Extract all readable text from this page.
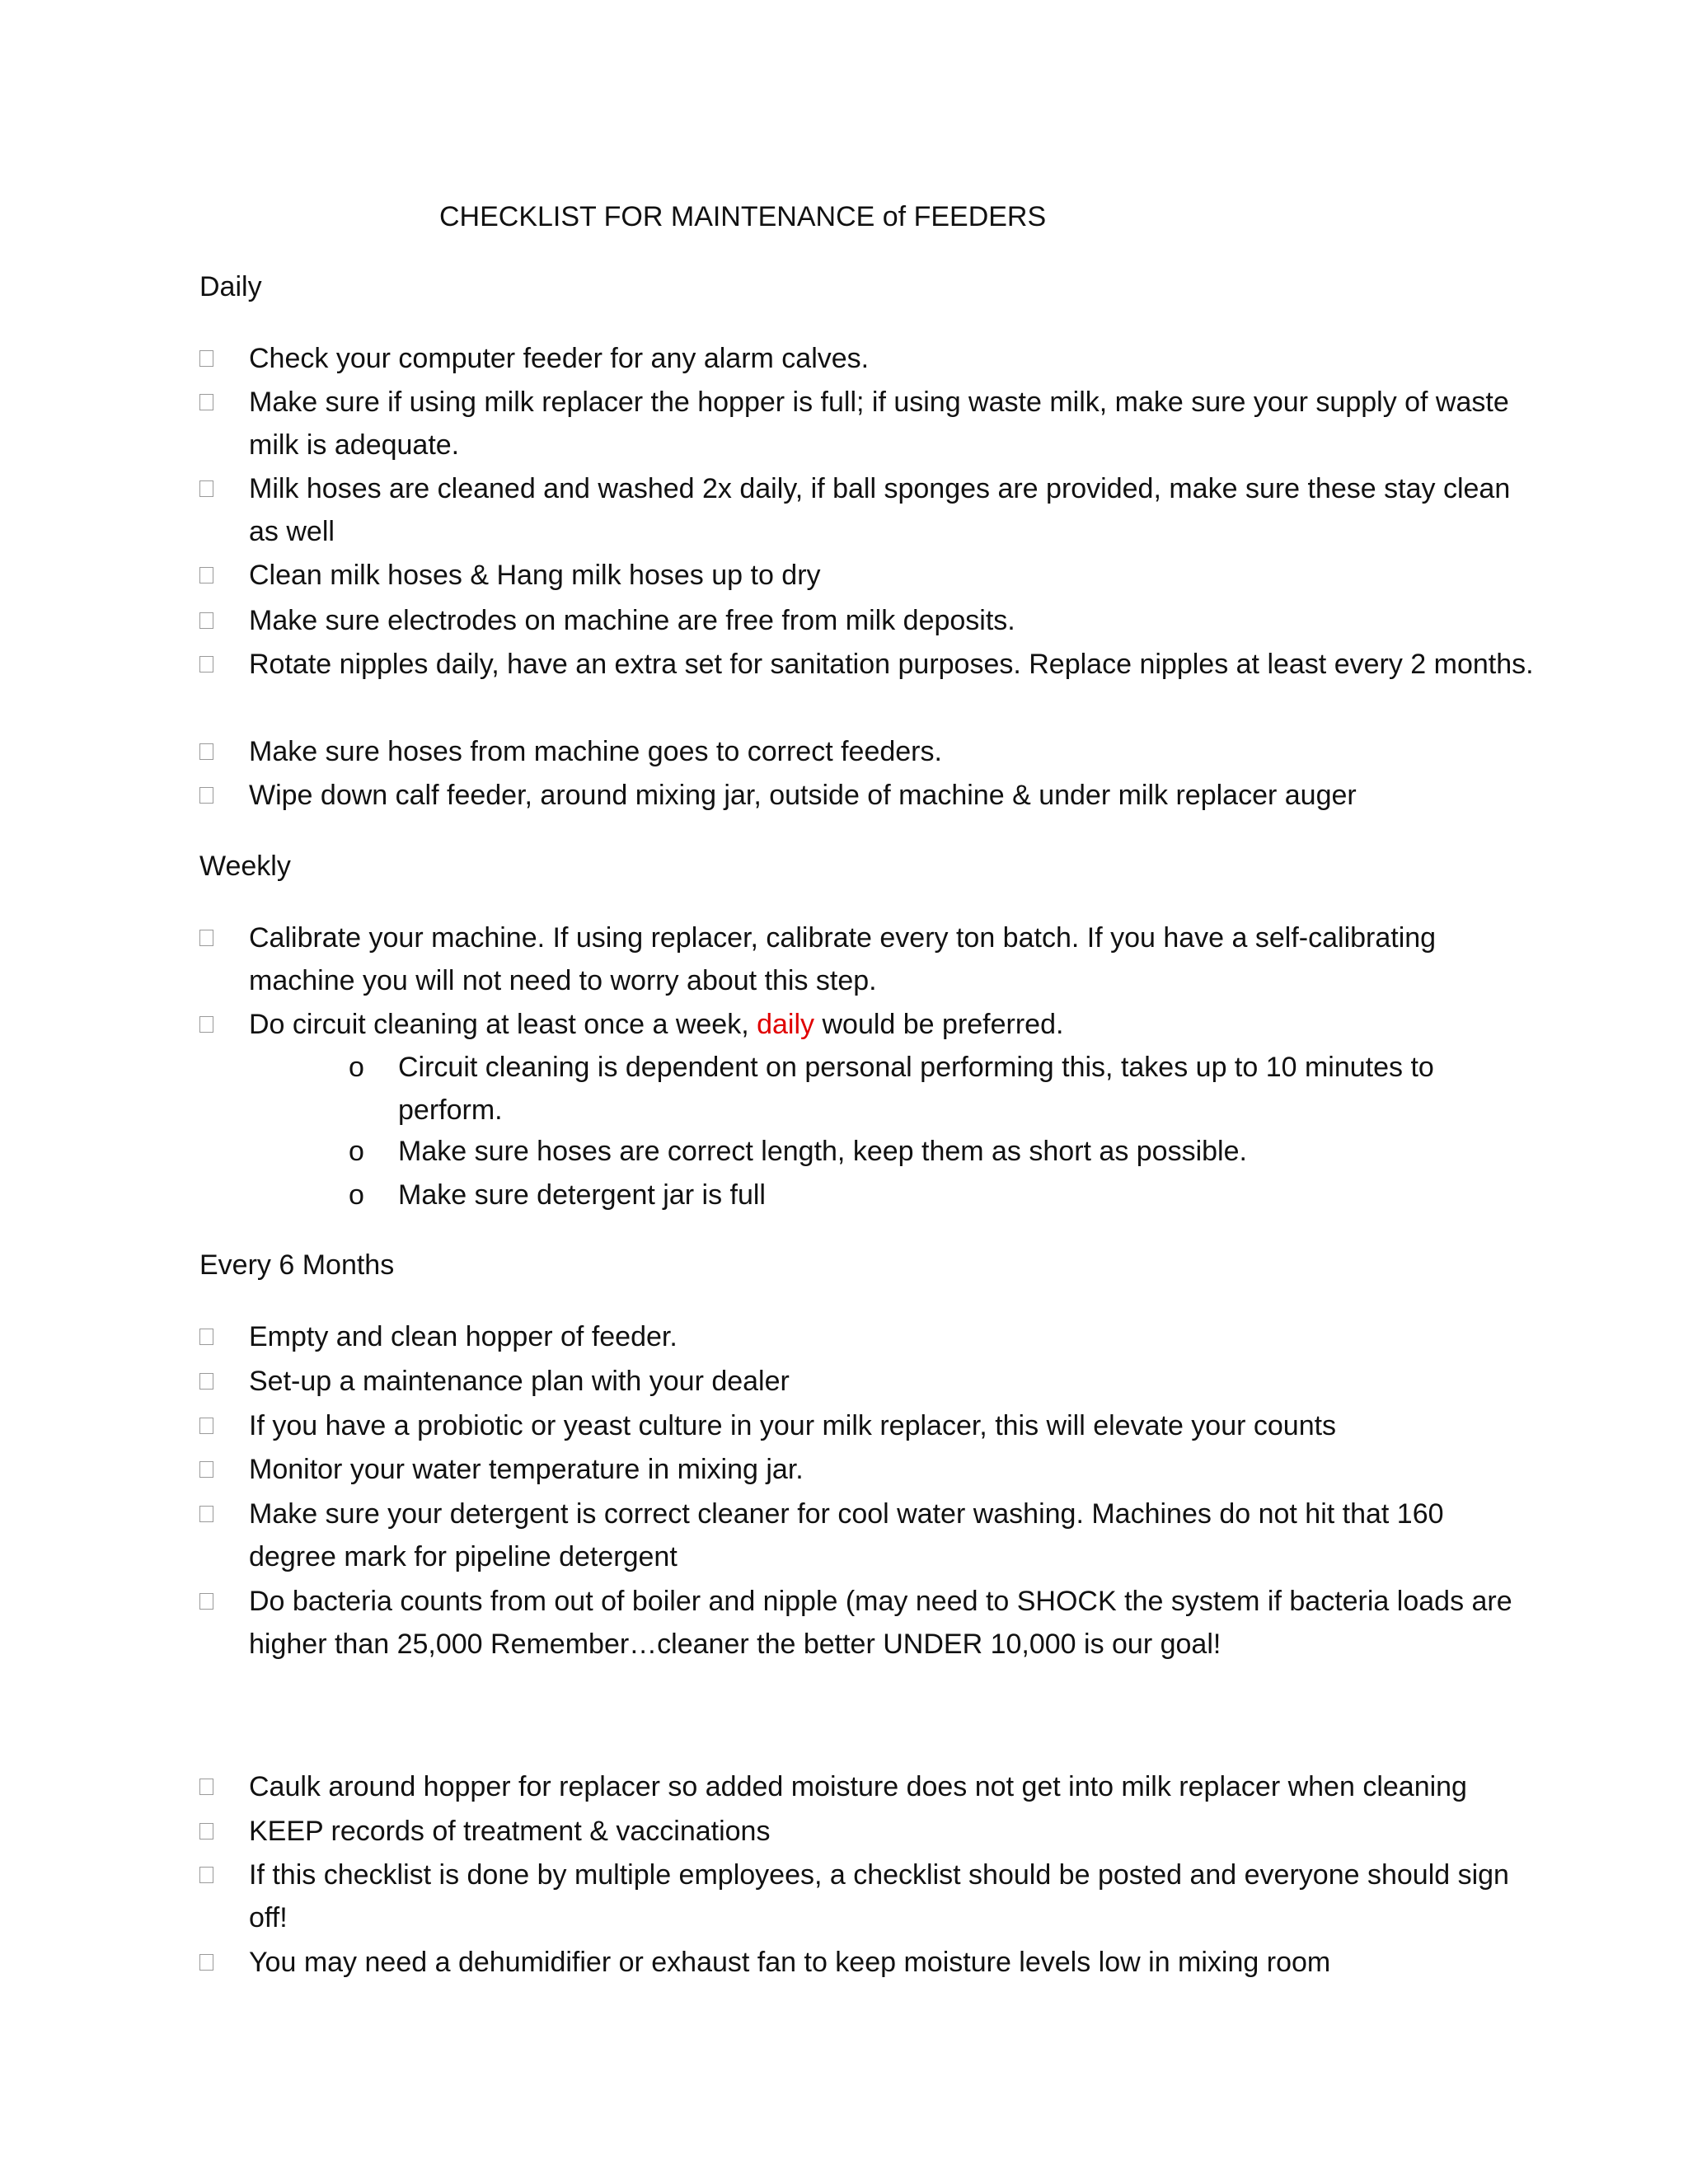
CHECKLIST FOR MAINTENANCE of FEEDERS
Daily
Check your computer feeder for any alarm calves.
Make sure if using milk replacer the hopper is full; if using waste milk, make sure your supply of waste milk is adequate.
Milk hoses are cleaned and washed 2x daily, if ball sponges are provided, make sure these stay clean as well
Clean milk hoses & Hang milk hoses up to dry
Make sure electrodes on machine are free from milk deposits.
Rotate nipples daily, have an extra set for sanitation purposes. Replace nipples at least every 2 months.
Make sure hoses from machine goes to correct feeders.
Wipe down calf feeder, around mixing jar, outside of machine & under milk replacer auger
Weekly
Calibrate your machine. If using replacer, calibrate every ton batch. If you have a self-calibrating machine you will not need to worry about this step.
Do circuit cleaning at least once a week, daily would be preferred.
o	Circuit cleaning is dependent on personal performing this, takes up to 10 minutes to perform.
o	Make sure hoses are correct length, keep them as short as possible.
o	Make sure detergent jar is full
Every 6 Months
Empty and clean hopper of feeder.
Set-up a maintenance plan with your dealer
If you have a probiotic or yeast culture in your milk replacer, this will elevate your counts
Monitor your water temperature in mixing jar.
Make sure your detergent is correct cleaner for cool water washing. Machines do not hit that 160 degree mark for pipeline detergent
Do bacteria counts from out of boiler and nipple (may need to SHOCK the system if bacteria loads are higher than 25,000 Remember…cleaner the better UNDER 10,000 is our goal!
Caulk around hopper for replacer so added moisture does not get into milk replacer when cleaning
KEEP records of treatment & vaccinations
If this checklist is done by multiple employees, a checklist should be posted and everyone should sign off!
You may need a dehumidifier or exhaust fan to keep moisture levels low in mixing room
